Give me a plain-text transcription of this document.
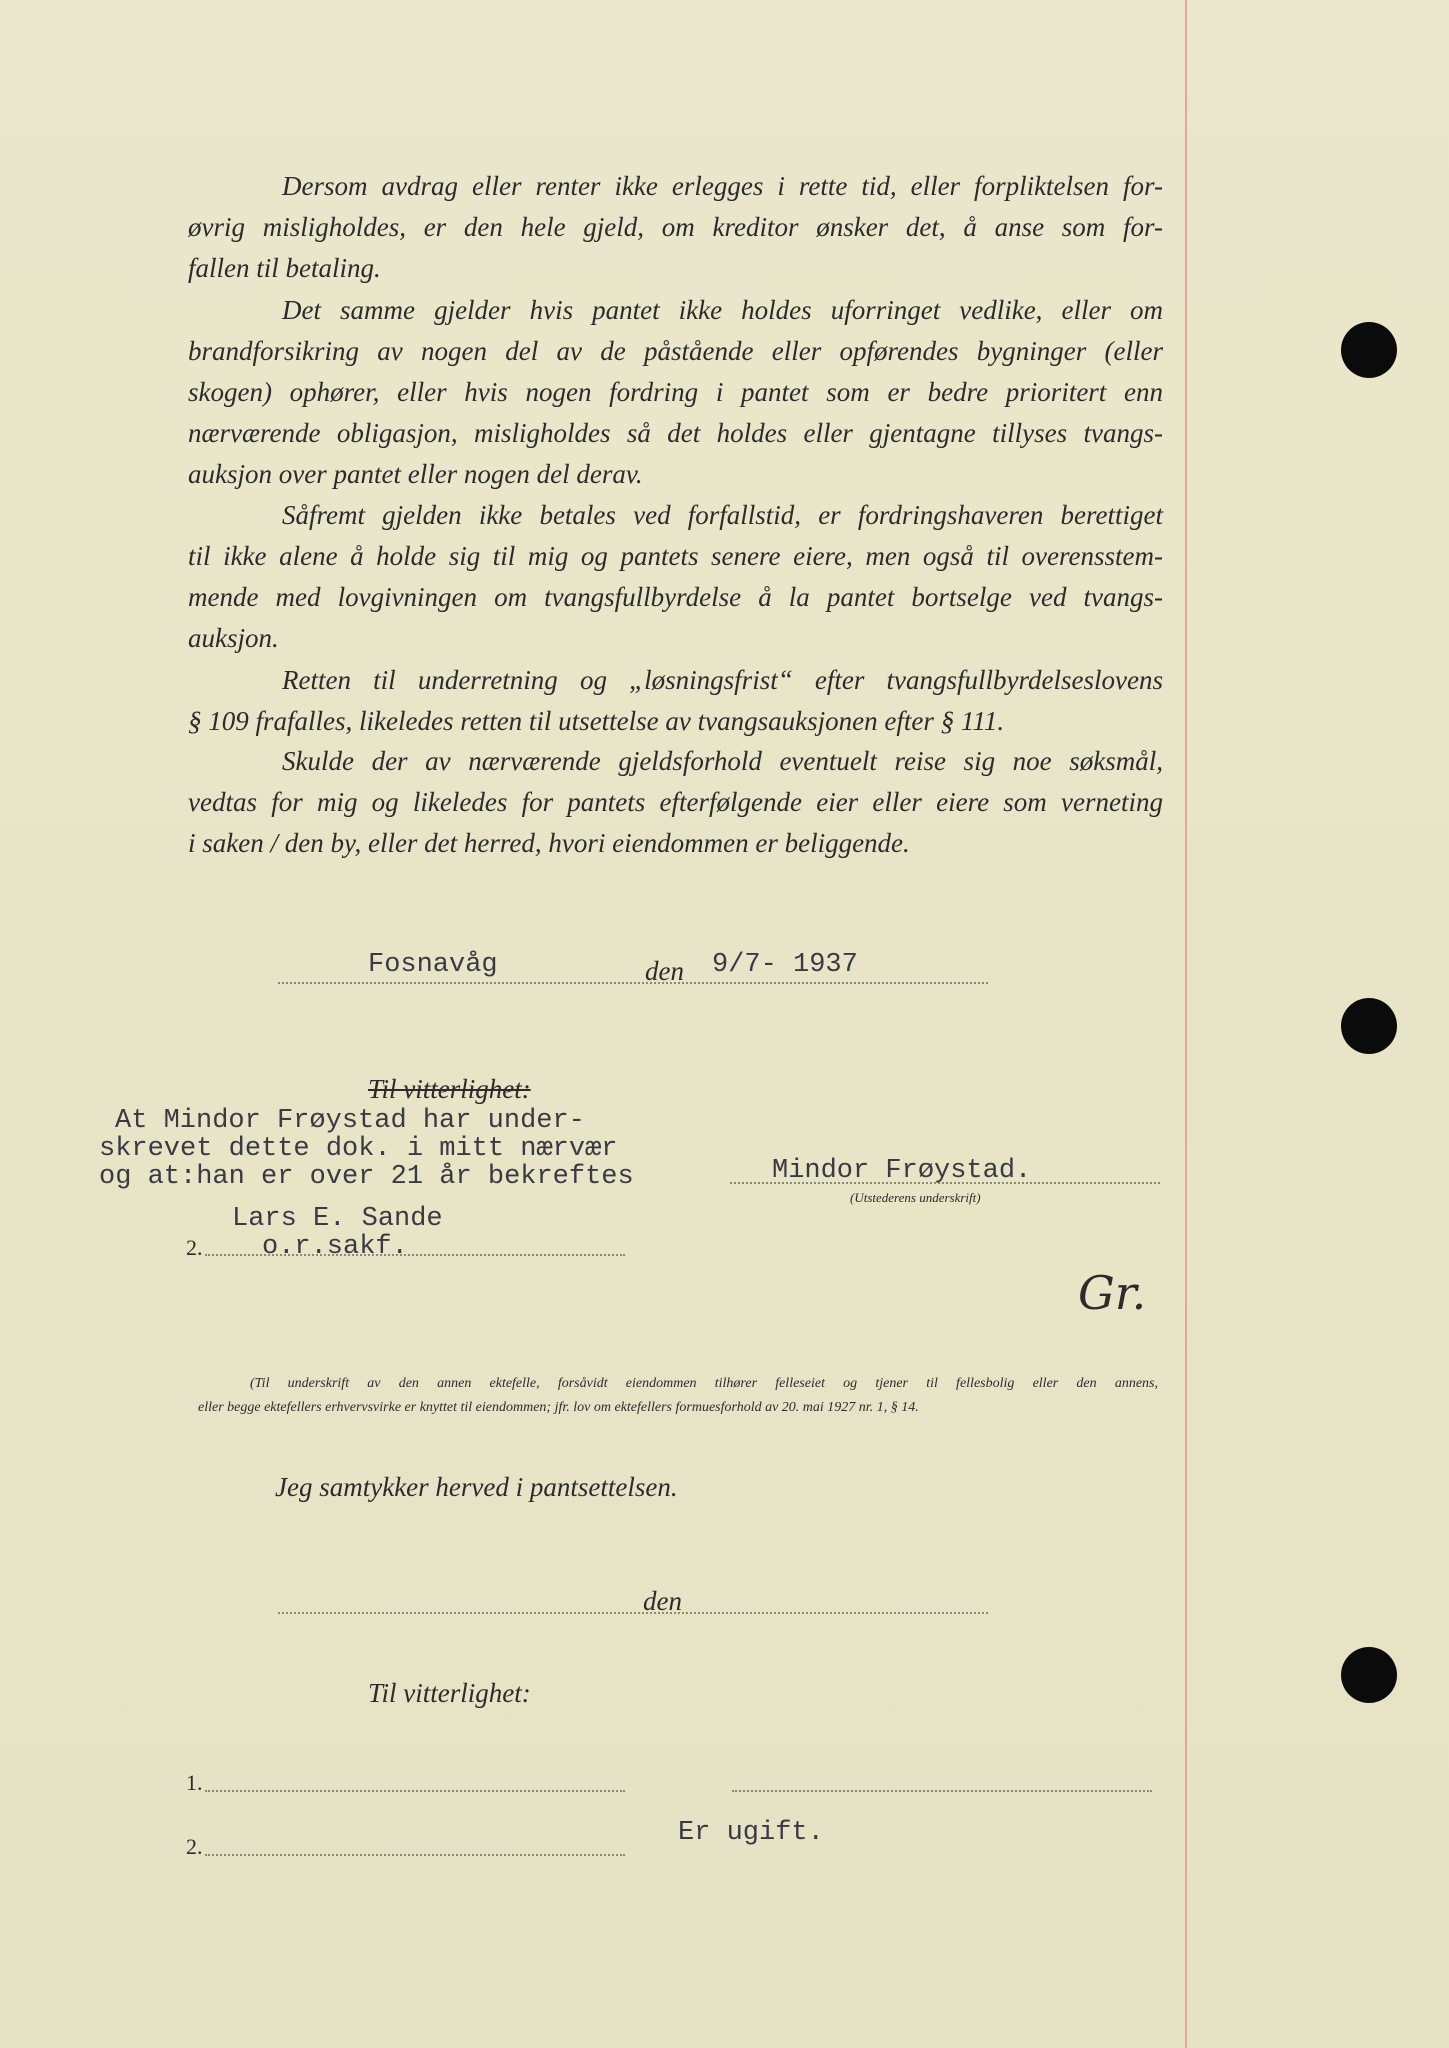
Dersom avdrag eller renter ikke erlegges i rette tid, eller forpliktelsen for-
øvrig misligholdes, er den hele gjeld, om kreditor ønsker det, å anse som for-
fallen til betaling.
Det samme gjelder hvis pantet ikke holdes uforringet vedlike, eller om
brandforsikring av nogen del av de påstående eller opførendes bygninger (eller
skogen) ophører, eller hvis nogen fordring i pantet som er bedre prioritert enn
nærværende obligasjon, misligholdes så det holdes eller gjentagne tillyses tvangs-
auksjon over pantet eller nogen del derav.
Såfremt gjelden ikke betales ved forfallstid, er fordringshaveren berettiget
til ikke alene å holde sig til mig og pantets senere eiere, men også til overensstem-
mende med lovgivningen om tvangsfullbyrdelse å la pantet bortselge ved tvangs-
auksjon.
Retten til underretning og „løsningsfrist“ efter tvangsfullbyrdelseslovens
§ 109 frafalles, likeledes retten til utsettelse av tvangsauksjonen efter § 111.
Skulde der av nærværende gjeldsforhold eventuelt reise sig noe søksmål,
vedtas for mig og likeledes for pantets efterfølgende eier eller eiere som verneting
i saken / den by, eller det herred, hvori eiendommen er beliggende.
Fosnavåg	den 9/7- 1937
Til vitterlighet:
At Mindor Frøystad har under-
skrevet dette dok. i mitt nærvær
og at:han er over 21 år bekreftes
Lars E. Sande
2. o.r.sakf.
Mindor Frøystad.
(Utstederens underskrift)
Gr.
(Til underskrift av den annen ektefelle, forsåvidt eiendommen tilhører felleseiet og tjener til fellesbolig eller den annens,
eller begge ektefellers erhvervsvirke er knyttet til eiendommen; jfr. lov om ektefellers formuesforhold av 20. mai 1927 nr. 1, § 14.
Jeg samtykker herved i pantsettelsen.
den
Til vitterlighet:
1.
2.	Er ugift.
